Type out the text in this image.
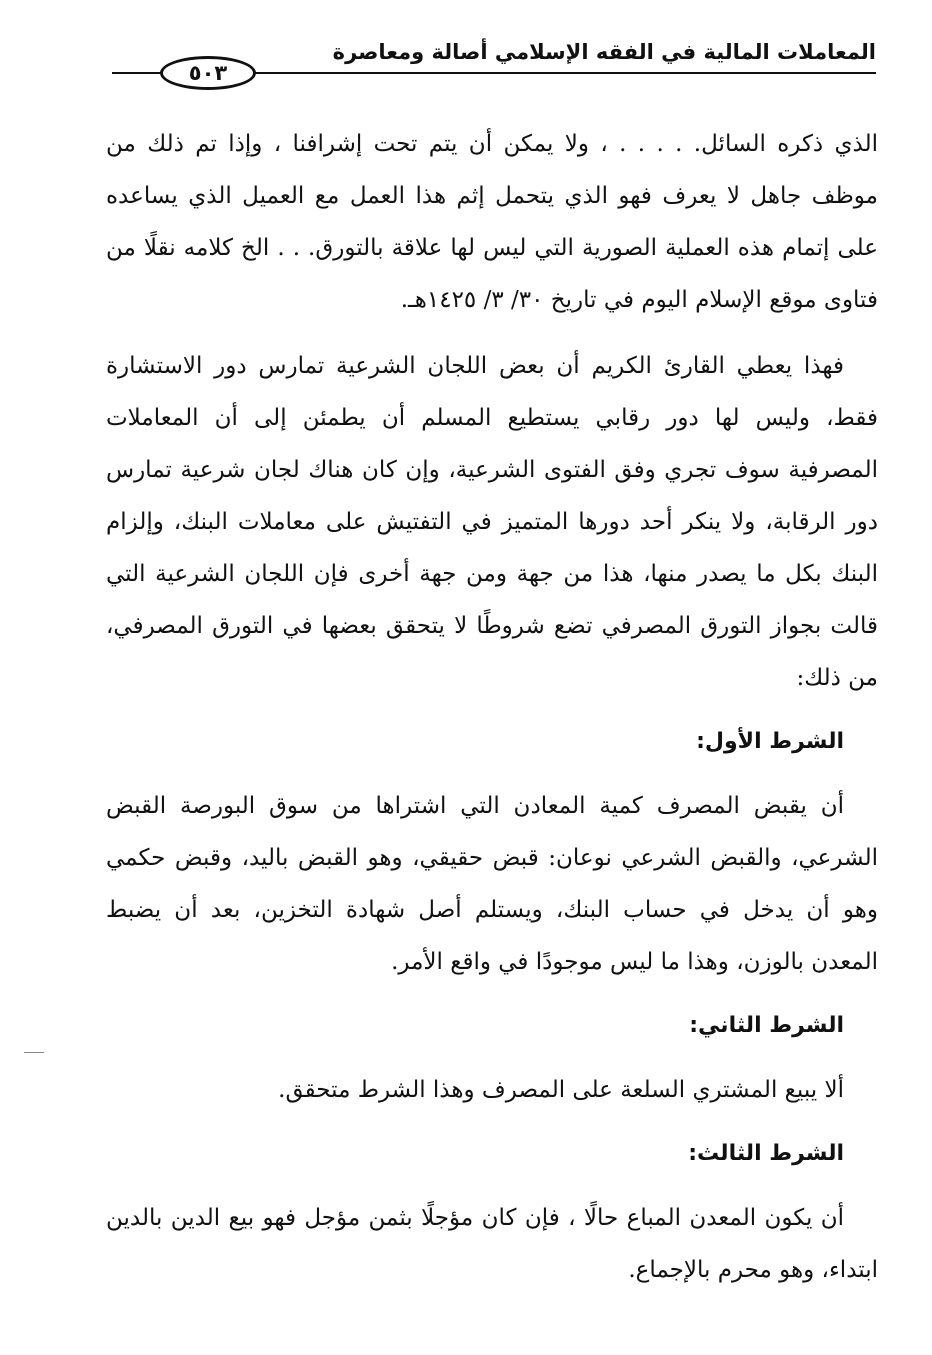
المعاملات المالية في الفقه الإسلامي أصالة ومعاصرة
٥٠٣

الذي ذكره السائل. . . . . ، ولا يمكن أن يتم تحت إشرافنا ، وإذا تم ذلك من موظف جاهل لا يعرف فهو الذي يتحمل إثم هذا العمل مع العميل الذي يساعده على إتمام هذه العملية الصورية التي ليس لها علاقة بالتورق. . . الخ كلامه نقلًا من فتاوى موقع الإسلام اليوم في تاريخ ٣٠/ ٣/ ١٤٢٥هـ.

فهذا يعطي القارئ الكريم أن بعض اللجان الشرعية تمارس دور الاستشارة فقط، وليس لها دور رقابي يستطيع المسلم أن يطمئن إلى أن المعاملات المصرفية سوف تجري وفق الفتوى الشرعية، وإن كان هناك لجان شرعية تمارس دور الرقابة، ولا ينكر أحد دورها المتميز في التفتيش على معاملات البنك، وإلزام البنك بكل ما يصدر منها، هذا من جهة ومن جهة أخرى فإن اللجان الشرعية التي قالت بجواز التورق المصرفي تضع شروطًا لا يتحقق بعضها في التورق المصرفي، من ذلك:

الشرط الأول:

أن يقبض المصرف كمية المعادن التي اشتراها من سوق البورصة القبض الشرعي، والقبض الشرعي نوعان: قبض حقيقي، وهو القبض باليد، وقبض حكمي وهو أن يدخل في حساب البنك، ويستلم أصل شهادة التخزين، بعد أن يضبط المعدن بالوزن، وهذا ما ليس موجودًا في واقع الأمر.

الشرط الثاني:

ألا يبيع المشتري السلعة على المصرف وهذا الشرط متحقق.

الشرط الثالث:

أن يكون المعدن المباع حالًا ، فإن كان مؤجلًا بثمن مؤجل فهو بيع الدين بالدين ابتداء، وهو محرم بالإجماع.
